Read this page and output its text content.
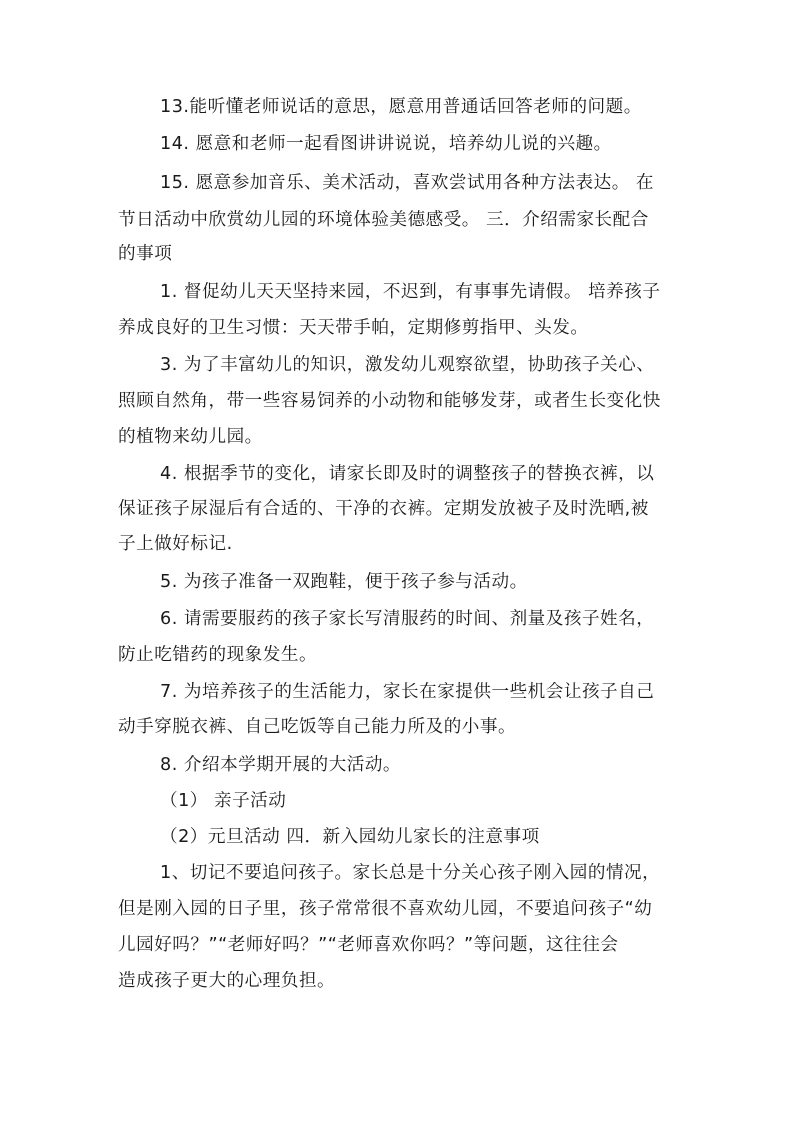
13.能听懂老师说话的意思，愿意用普通话回答老师的问题。
14. 愿意和老师一起看图讲讲说说，培养幼儿说的兴趣。
15. 愿意参加音乐、美术活动，喜欢尝试用各种方法表达。 在
节日活动中欣赏幼儿园的环境体验美德感受。 三．介绍需家长配合
的事项
1. 督促幼儿天天坚持来园，不迟到，有事事先请假。 培养孩子
养成良好的卫生习惯：天天带手帕，定期修剪指甲、头发。
3. 为了丰富幼儿的知识，激发幼儿观察欲望，协助孩子关心、
照顾自然角，带一些容易饲养的小动物和能够发芽，或者生长变化快
的植物来幼儿园。
4. 根据季节的变化，请家长即及时的调整孩子的替换衣裤，以
保证孩子尿湿后有合适的、干净的衣裤。定期发放被子及时洗晒,被
子上做好标记.
5. 为孩子准备一双跑鞋，便于孩子参与活动。
6. 请需要服药的孩子家长写清服药的时间、剂量及孩子姓名，
防止吃错药的现象发生。
7. 为培养孩子的生活能力，家长在家提供一些机会让孩子自己
动手穿脱衣裤、自己吃饭等自己能力所及的小事。
8. 介绍本学期开展的大活动。
（1） 亲子活动
（2）元旦活动 四．新入园幼儿家长的注意事项
1、切记不要追问孩子。家长总是十分关心孩子刚入园的情况，
但是刚入园的日子里，孩子常常很不喜欢幼儿园，不要追问孩子“幼
儿园好吗？”“老师好吗？”“老师喜欢你吗？”等问题，这往往会
造成孩子更大的心理负担。
